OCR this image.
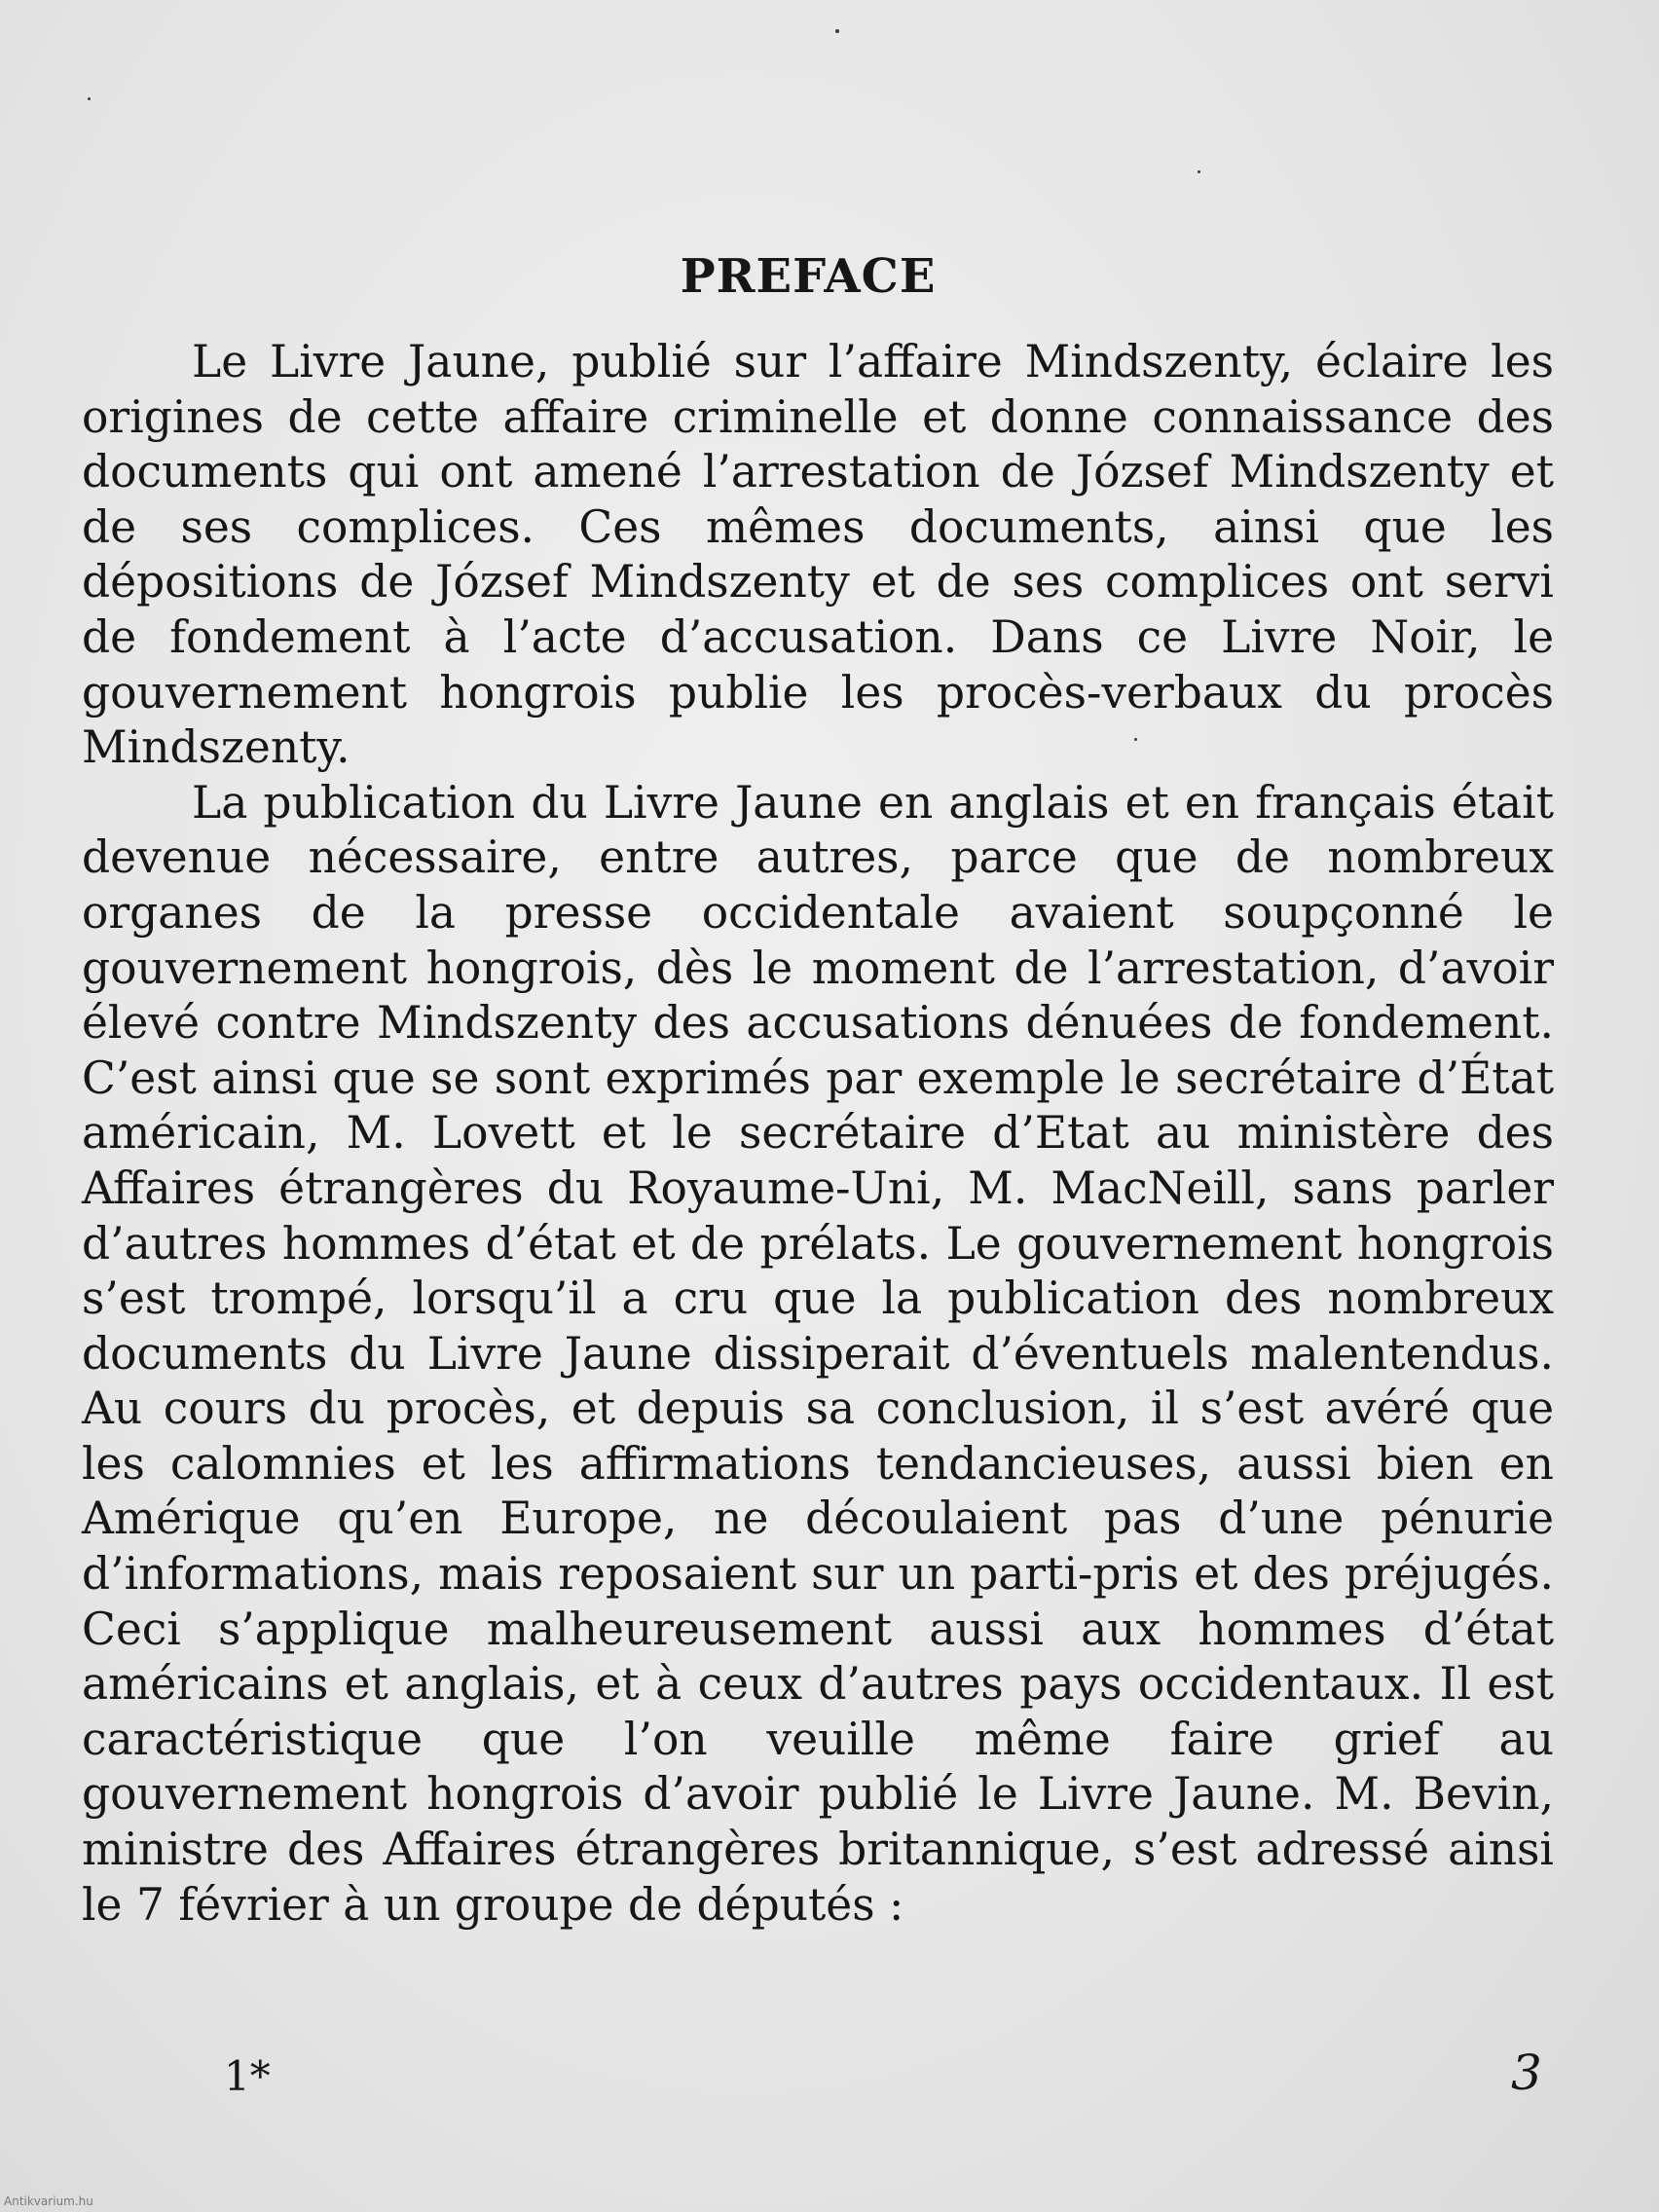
PREFACE

Le Livre Jaune, publié sur l’affaire Mindszenty, éclaire les origines de cette affaire criminelle et donne connaissance des documents qui ont amené l’arrestation de József Mindszenty et de ses complices. Ces mêmes documents, ainsi que les dépositions de József Mindszenty et de ses complices ont servi de fondement à l’acte d’accusation. Dans ce Livre Noir, le gouvernement hongrois publie les procès-verbaux du procès Mindszenty.

La publication du Livre Jaune en anglais et en français était devenue nécessaire, entre autres, parce que de nombreux organes de la presse occidentale avaient soupçonné le gouvernement hongrois, dès le moment de l’arrestation, d’avoir élevé contre Mindszenty des accusations dénuées de fondement. C’est ainsi que se sont exprimés par exemple le secrétaire d’État américain, M. Lovett et le secrétaire d’Etat au ministère des Affaires étrangères du Royaume-Uni, M. MacNeill, sans parler d’autres hommes d’état et de prélats. Le gouvernement hongrois s’est trompé, lorsqu’il a cru que la publication des nombreux documents du Livre Jaune dissiperait d’éventuels malentendus. Au cours du procès, et depuis sa conclusion, il s’est avéré que les calomnies et les affirmations tendancieuses, aussi bien en Amérique qu’en Europe, ne découlaient pas d’une pénurie d’informations, mais reposaient sur un parti-pris et des préjugés. Ceci s’applique malheureusement aussi aux hommes d’état américains et anglais, et à ceux d’autres pays occidentaux. Il est caractéristique que l’on veuille même faire grief au gouvernement hongrois d’avoir publié le Livre Jaune. M. Bevin, ministre des Affaires étrangères britannique, s’est adressé ainsi le 7 février à un groupe de députés :

1*	3
Antikvarium.hu
